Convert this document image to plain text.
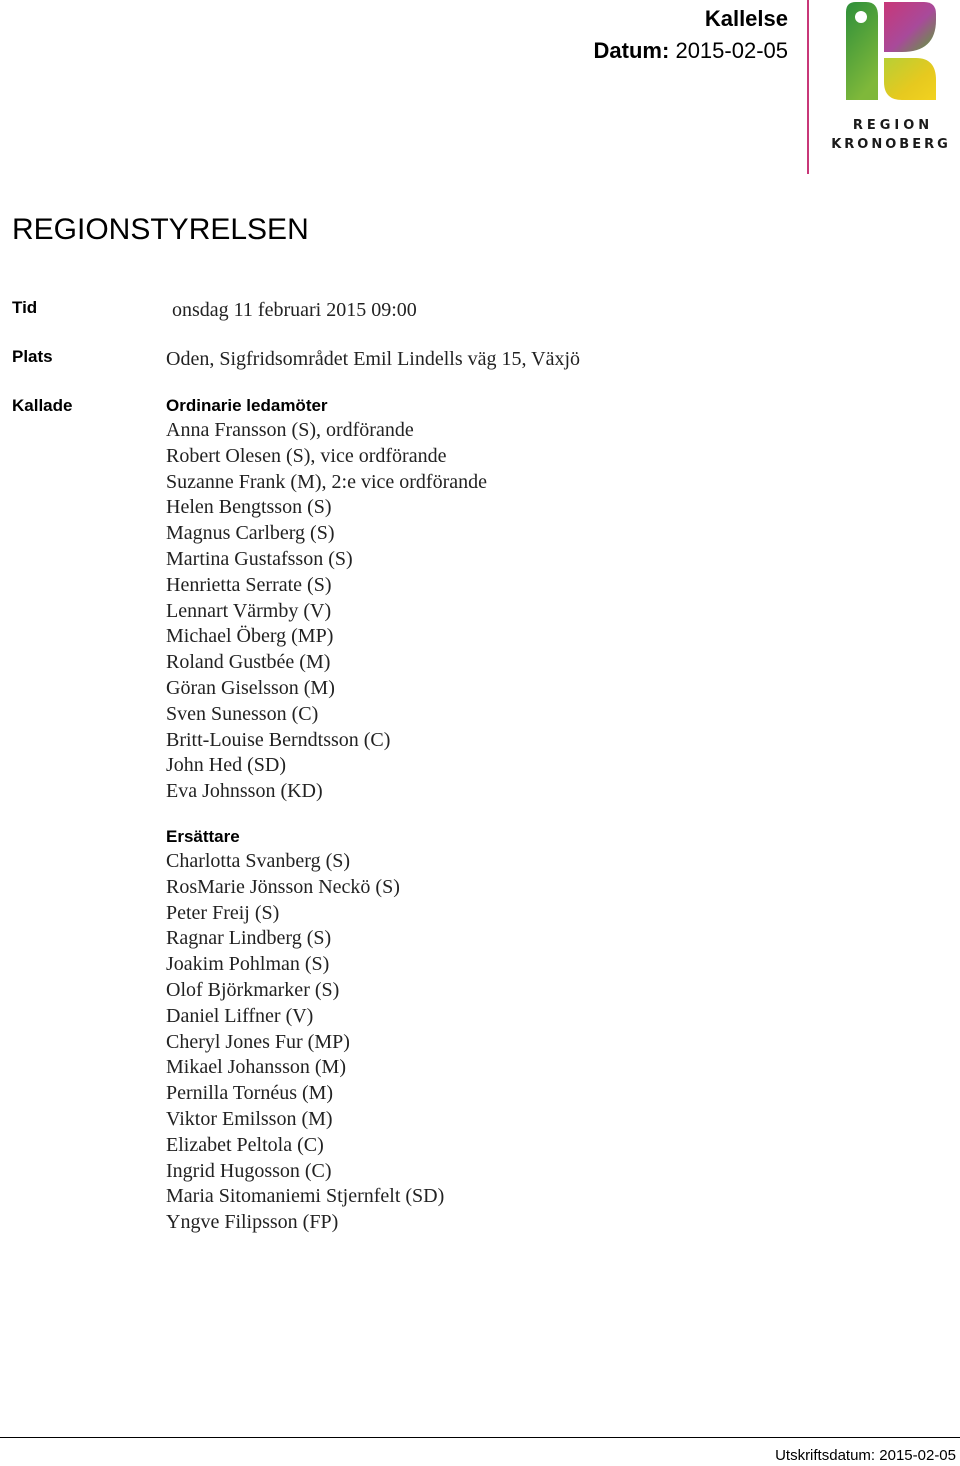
Kallelse
Datum: 2015-02-05
REGION
KRONOBERG
REGIONSTYRELSEN
Tid	onsdag 11 februari 2015 09:00
Plats	Oden, Sigfridsområdet Emil Lindells väg 15, Växjö
Kallade	Ordinarie ledamöter
Anna Fransson (S), ordförande
Robert Olesen (S), vice ordförande
Suzanne Frank (M), 2:e vice ordförande
Helen Bengtsson (S)
Magnus Carlberg (S)
Martina Gustafsson (S)
Henrietta Serrate (S)
Lennart Värmby (V)
Michael Öberg (MP)
Roland Gustbée (M)
Göran Giselsson (M)
Sven Sunesson (C)
Britt-Louise Berndtsson (C)
John Hed (SD)
Eva Johnsson (KD)
Ersättare
Charlotta Svanberg (S)
RosMarie Jönsson Neckö (S)
Peter Freij (S)
Ragnar Lindberg (S)
Joakim Pohlman (S)
Olof Björkmarker (S)
Daniel Liffner (V)
Cheryl Jones Fur (MP)
Mikael Johansson (M)
Pernilla Tornéus (M)
Viktor Emilsson (M)
Elizabet Peltola (C)
Ingrid Hugosson (C)
Maria Sitomaniemi Stjernfelt (SD)
Yngve Filipsson (FP)
Utskriftsdatum: 2015-02-05
